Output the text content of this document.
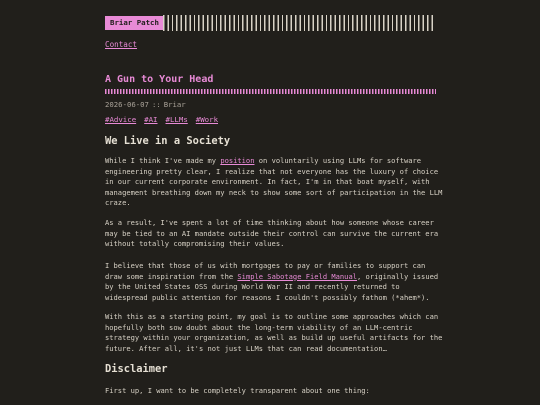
Briar Patch
Contact
A Gun to Your Head
2026-06-07 :: Briar
#Advice #AI #LLMs #Work
We Live in a Society

While I think I've made my position on voluntarily using LLMs for software engineering pretty clear, I realize that not everyone has the luxury of choice in our current corporate environment. In fact, I'm in that boat myself, with management breathing down my neck to show some sort of participation in the LLM craze.

As a result, I've spent a lot of time thinking about how someone whose career may be tied to an AI mandate outside their control can survive the current era without totally compromising their values.

I believe that those of us with mortgages to pay or families to support can draw some inspiration from the Simple Sabotage Field Manual, originally issued by the United States OSS during World War II and recently returned to widespread public attention for reasons I couldn't possibly fathom (*ahem*).

With this as a starting point, my goal is to outline some approaches which can hopefully both sow doubt about the long-term viability of an LLM-centric strategy within your organization, as well as build up useful artifacts for the future. After all, it's not just LLMs that can read documentation…

Disclaimer

First up, I want to be completely transparent about one thing:
